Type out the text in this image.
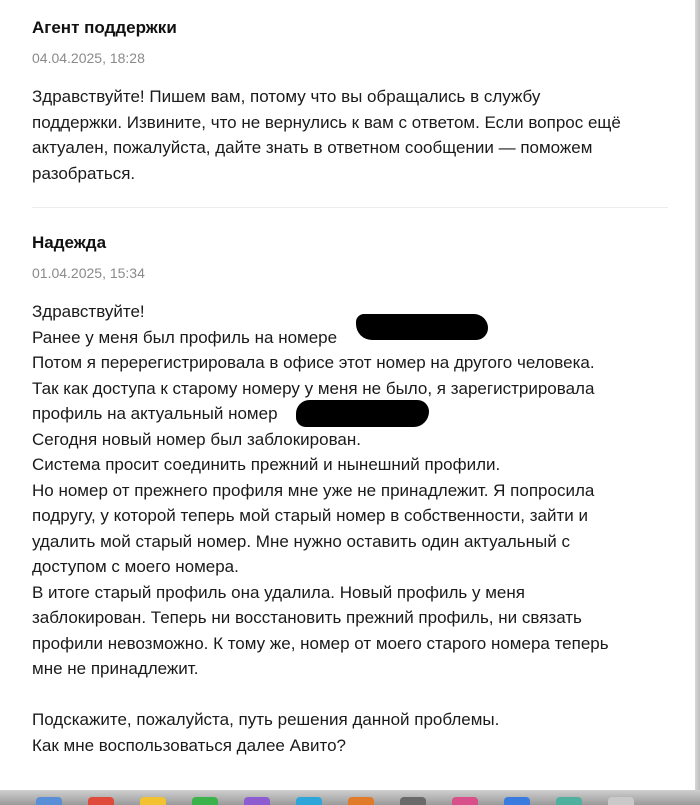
Агент поддержки
04.04.2025, 18:28
Здравствуйте! Пишем вам, потому что вы обращались в службу
поддержки. Извините, что не вернулись к вам с ответом. Если вопрос ещё
актуален, пожалуйста, дайте знать в ответном сообщении — поможем
разобраться.
Надежда
01.04.2025, 15:34
Здравствуйте!
Ранее у меня был профиль на номере
Потом я перерегистрировала в офисе этот номер на другого человека.
Так как доступа к старому номеру у меня не было, я зарегистрировала
профиль на актуальный номер
Сегодня новый номер был заблокирован.
Система просит соединить прежний и нынешний профили.
Но номер от прежнего профиля мне уже не принадлежит. Я попросила
подругу, у которой теперь мой старый номер в собственности, зайти и
удалить мой старый номер. Мне нужно оставить один актуальный с
доступом с моего номера.
В итоге старый профиль она удалила. Новый профиль у меня
заблокирован. Теперь ни восстановить прежний профиль, ни связать
профили невозможно. К тому же, номер от моего старого номера теперь
мне не принадлежит.
Подскажите, пожалуйста, путь решения данной проблемы.
Как мне воспользоваться далее Авито?
